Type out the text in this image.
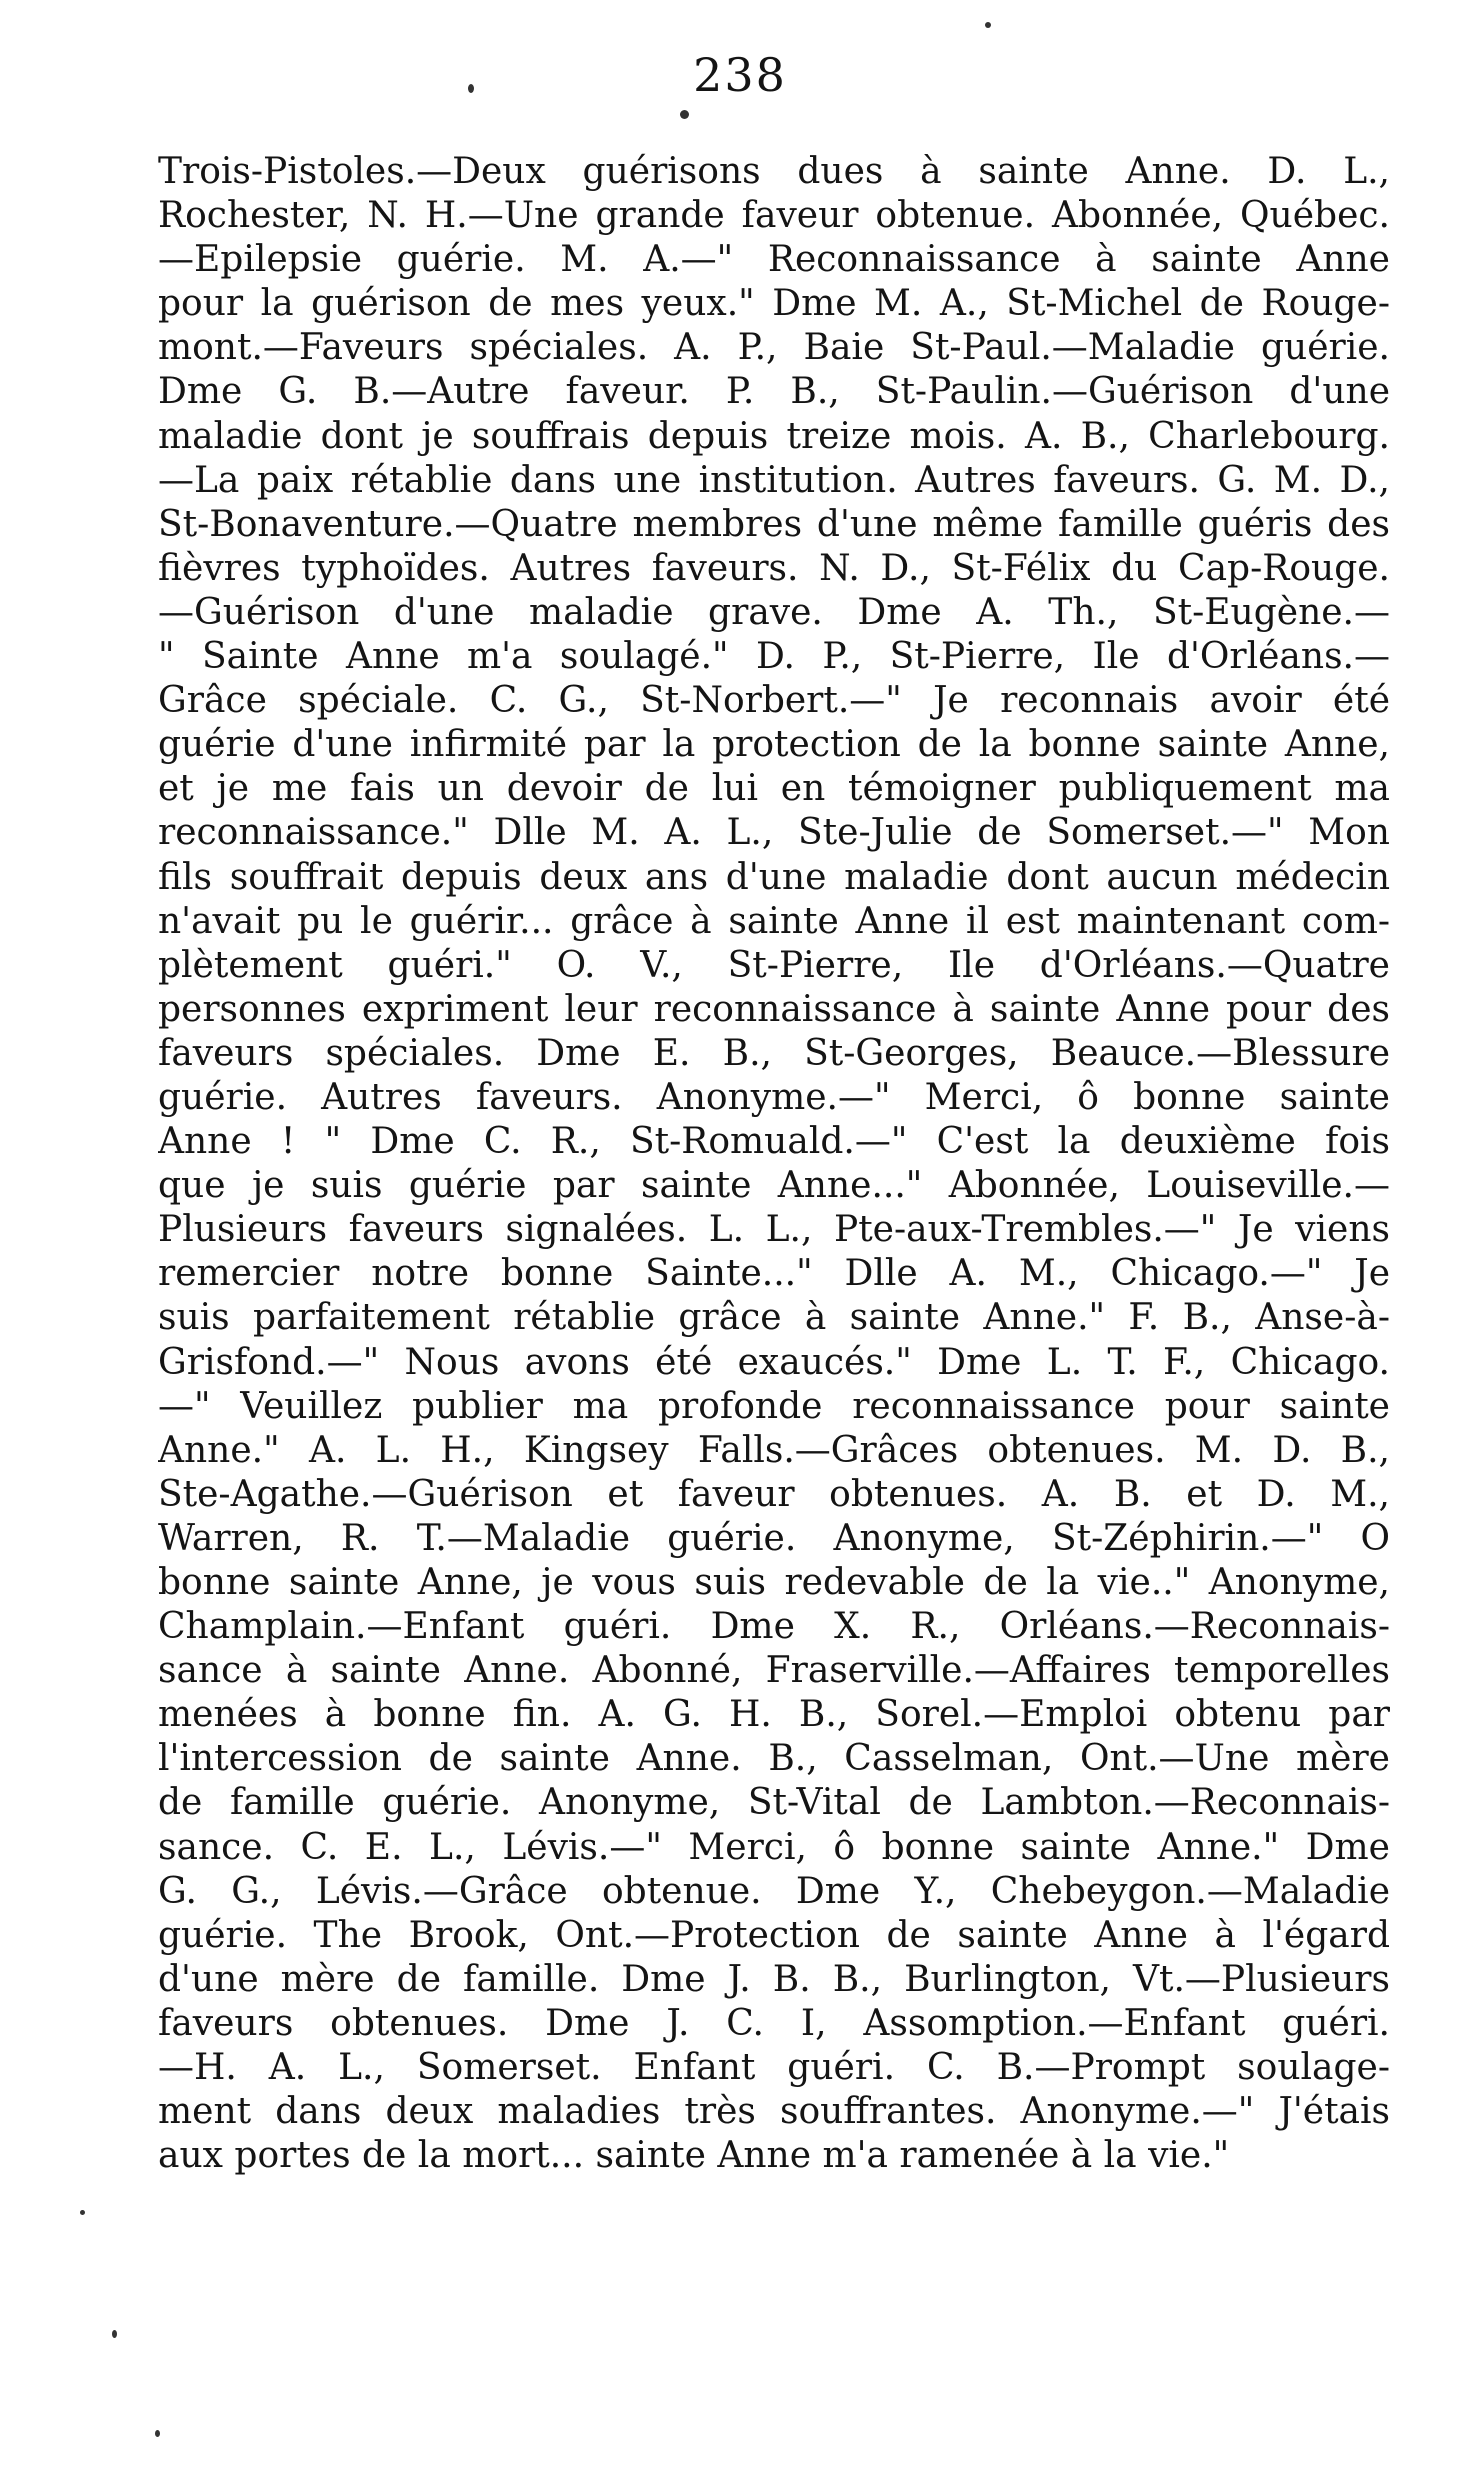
238
Trois-Pistoles.—Deux guérisons dues à sainte Anne. D. L.,
Rochester, N. H.—Une grande faveur obtenue. Abonnée, Québec.
—Epilepsie guérie. M. A.—" Reconnaissance à sainte Anne
pour la guérison de mes yeux." Dme M. A., St-Michel de Rouge-
mont.—Faveurs spéciales. A. P., Baie St-Paul.—Maladie guérie.
Dme G. B.—Autre faveur. P. B., St-Paulin.—Guérison d'une
maladie dont je souffrais depuis treize mois. A. B., Charlebourg.
—La paix rétablie dans une institution. Autres faveurs. G. M. D.,
St-Bonaventure.—Quatre membres d'une même famille guéris des
fièvres typhoïdes. Autres faveurs. N. D., St-Félix du Cap-Rouge.
—Guérison d'une maladie grave. Dme A. Th., St-Eugène.—
" Sainte Anne m'a soulagé." D. P., St-Pierre, Ile d'Orléans.—
Grâce spéciale. C. G., St-Norbert.—" Je reconnais avoir été
guérie d'une infirmité par la protection de la bonne sainte Anne,
et je me fais un devoir de lui en témoigner publiquement ma
reconnaissance." Dlle M. A. L., Ste-Julie de Somerset.—" Mon
fils souffrait depuis deux ans d'une maladie dont aucun médecin
n'avait pu le guérir... grâce à sainte Anne il est maintenant com-
plètement guéri." O. V., St-Pierre, Ile d'Orléans.—Quatre
personnes expriment leur reconnaissance à sainte Anne pour des
faveurs spéciales. Dme E. B., St-Georges, Beauce.—Blessure
guérie. Autres faveurs. Anonyme.—" Merci, ô bonne sainte
Anne ! " Dme C. R., St-Romuald.—" C'est la deuxième fois
que je suis guérie par sainte Anne..." Abonnée, Louiseville.—
Plusieurs faveurs signalées. L. L., Pte-aux-Trembles.—" Je viens
remercier notre bonne Sainte..." Dlle A. M., Chicago.—" Je
suis parfaitement rétablie grâce à sainte Anne." F. B., Anse-à-
Grisfond.—" Nous avons été exaucés." Dme L. T. F., Chicago.
—" Veuillez publier ma profonde reconnaissance pour sainte
Anne." A. L. H., Kingsey Falls.—Grâces obtenues. M. D. B.,
Ste-Agathe.—Guérison et faveur obtenues. A. B. et D. M.,
Warren, R. T.—Maladie guérie. Anonyme, St-Zéphirin.—" O
bonne sainte Anne, je vous suis redevable de la vie.." Anonyme,
Champlain.—Enfant guéri. Dme X. R., Orléans.—Reconnais-
sance à sainte Anne. Abonné, Fraserville.—Affaires temporelles
menées à bonne fin. A. G. H. B., Sorel.—Emploi obtenu par
l'intercession de sainte Anne. B., Casselman, Ont.—Une mère
de famille guérie. Anonyme, St-Vital de Lambton.—Reconnais-
sance. C. E. L., Lévis.—" Merci, ô bonne sainte Anne." Dme
G. G., Lévis.—Grâce obtenue. Dme Y., Chebeygon.—Maladie
guérie. The Brook, Ont.—Protection de sainte Anne à l'égard
d'une mère de famille. Dme J. B. B., Burlington, Vt.—Plusieurs
faveurs obtenues. Dme J. C. I, Assomption.—Enfant guéri.
—H. A. L., Somerset. Enfant guéri. C. B.—Prompt soulage-
ment dans deux maladies très souffrantes. Anonyme.—" J'étais
aux portes de la mort... sainte Anne m'a ramenée à la vie."
